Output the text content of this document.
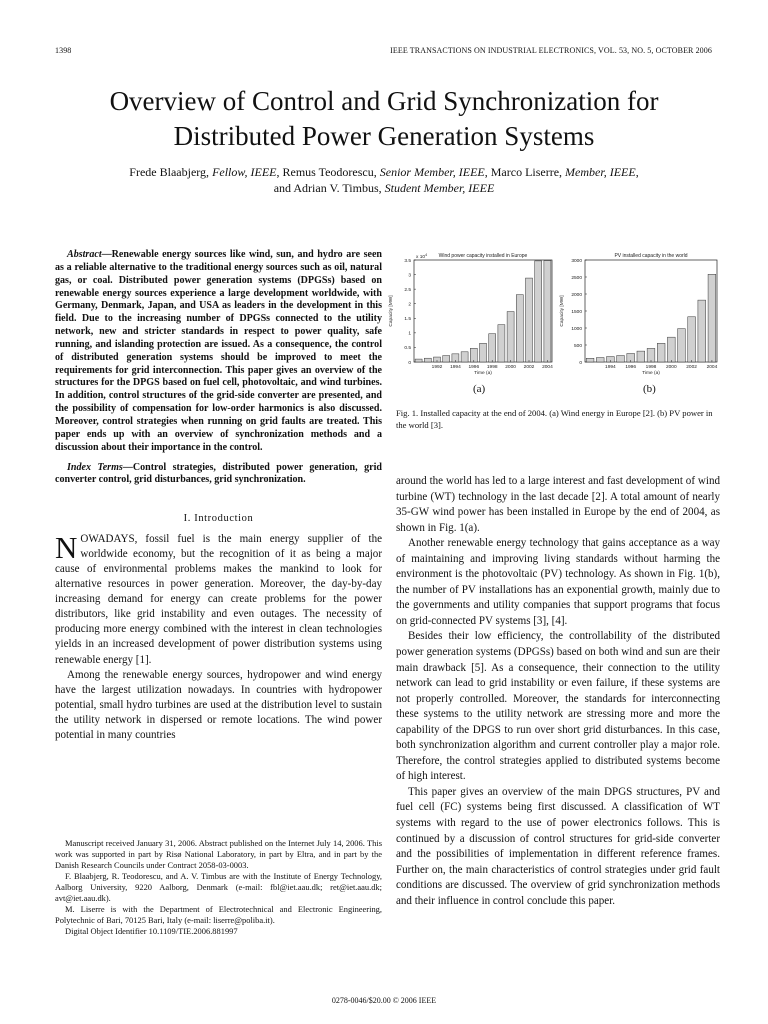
1398	IEEE TRANSACTIONS ON INDUSTRIAL ELECTRONICS, VOL. 53, NO. 5, OCTOBER 2006
Overview of Control and Grid Synchronization for
Distributed Power Generation Systems
Frede Blaabjerg, Fellow, IEEE, Remus Teodorescu, Senior Member, IEEE, Marco Liserre, Member, IEEE,
and Adrian V. Timbus, Student Member, IEEE
Wind power capacity installed in Europe
0
0.5
1
1.5
2
2.5
3
3.5
x $10^4$
Capacity [MW]
1992 1994 1996 1998 2000 2002 2004
Time (a)
PV installed capacity in the world
0
500
1000
1500
2000
2500
3000
Capacity [MW]
1994 1996 1998 2000 2002 2004
Time (a)
(a)	(b)
Fig. 1. Installed capacity at the end of 2004. (a) Wind energy in Europe [2]. (b) PV power in the world [3].

Abstract—Renewable energy sources like wind, sun, and hydro are seen as a reliable alternative to the traditional energy sources such as oil, natural gas, or coal. Distributed power generation systems (DPGSs) based on renewable energy sources experience a large development worldwide, with Germany, Denmark, Japan, and USA as leaders in the development in this field. Due to the increasing number of DPGSs connected to the utility network, new and stricter standards in respect to power quality, safe running, and islanding protection are issued. As a consequence, the control of distributed generation systems should be improved to meet the requirements for grid interconnection. This paper gives an overview of the structures for the DPGS based on fuel cell, photovoltaic, and wind turbines. In addition, control structures of the grid-side converter are presented, and the possibility of compensation for low-order harmonics is also discussed. Moreover, control strategies when running on grid faults are treated. This paper ends up with an overview of synchronization methods and a discussion about their importance in the control.

Index Terms—Control strategies, distributed power generation, grid converter control, grid disturbances, grid synchronization.

I. Introduction

NOWADAYS, fossil fuel is the main energy supplier of the worldwide economy, but the recognition of it as being a major cause of environmental problems makes the mankind to look for alternative resources in power generation. Moreover, the day-by-day increasing demand for energy can create problems for the power distributors, like grid instability and even outages. The necessity of producing more energy combined with the interest in clean technologies yields in an increased development of power distribution systems using renewable energy [1].

Among the renewable energy sources, hydropower and wind energy have the largest utilization nowadays. In countries with hydropower potential, small hydro turbines are used at the distribution level to sustain the utility network in dispersed or remote locations. The wind power potential in many countries

Manuscript received January 31, 2006. Abstract published on the Internet July 14, 2006. This work was supported in part by Risø National Laboratory, in part by Eltra, and in part by the Danish Research Councils under Contract 2058-03-0003.

F. Blaabjerg, R. Teodorescu, and A. V. Timbus are with the Institute of Energy Technology, Aalborg University, 9220 Aalborg, Denmark (e-mail: fbl@iet.aau.dk; ret@iet.aau.dk; avt@iet.aau.dk).

M. Liserre is with the Department of Electrotechnical and Electronic Engineering, Polytechnic of Bari, 70125 Bari, Italy (e-mail: liserre@poliba.it).

Digital Object Identifier 10.1109/TIE.2006.881997

around the world has led to a large interest and fast development of wind turbine (WT) technology in the last decade [2]. A total amount of nearly 35-GW wind power has been installed in Europe by the end of 2004, as shown in Fig. 1(a).

Another renewable energy technology that gains acceptance as a way of maintaining and improving living standards without harming the environment is the photovoltaic (PV) technology. As shown in Fig. 1(b), the number of PV installations has an exponential growth, mainly due to the governments and utility companies that support programs that focus on grid-connected PV systems [3], [4].

Besides their low efficiency, the controllability of the distributed power generation systems (DPGSs) based on both wind and sun are their main drawback [5]. As a consequence, their connection to the utility network can lead to grid instability or even failure, if these systems are not properly controlled. Moreover, the standards for interconnecting these systems to the utility network are stressing more and more the capability of the DPGS to run over short grid disturbances. In this case, both synchronization algorithm and current controller play a major role. Therefore, the control strategies applied to distributed systems become of high interest.

This paper gives an overview of the main DPGS structures, PV and fuel cell (FC) systems being first discussed. A classification of WT systems with regard to the use of power electronics follows. This is continued by a discussion of control structures for grid-side converter and the possibilities of implementation in different reference frames. Further on, the main characteristics of control strategies under grid fault conditions are discussed. The overview of grid synchronization methods and their influence in control conclude this paper.

0278-0046/$20.00 © 2006 IEEE
